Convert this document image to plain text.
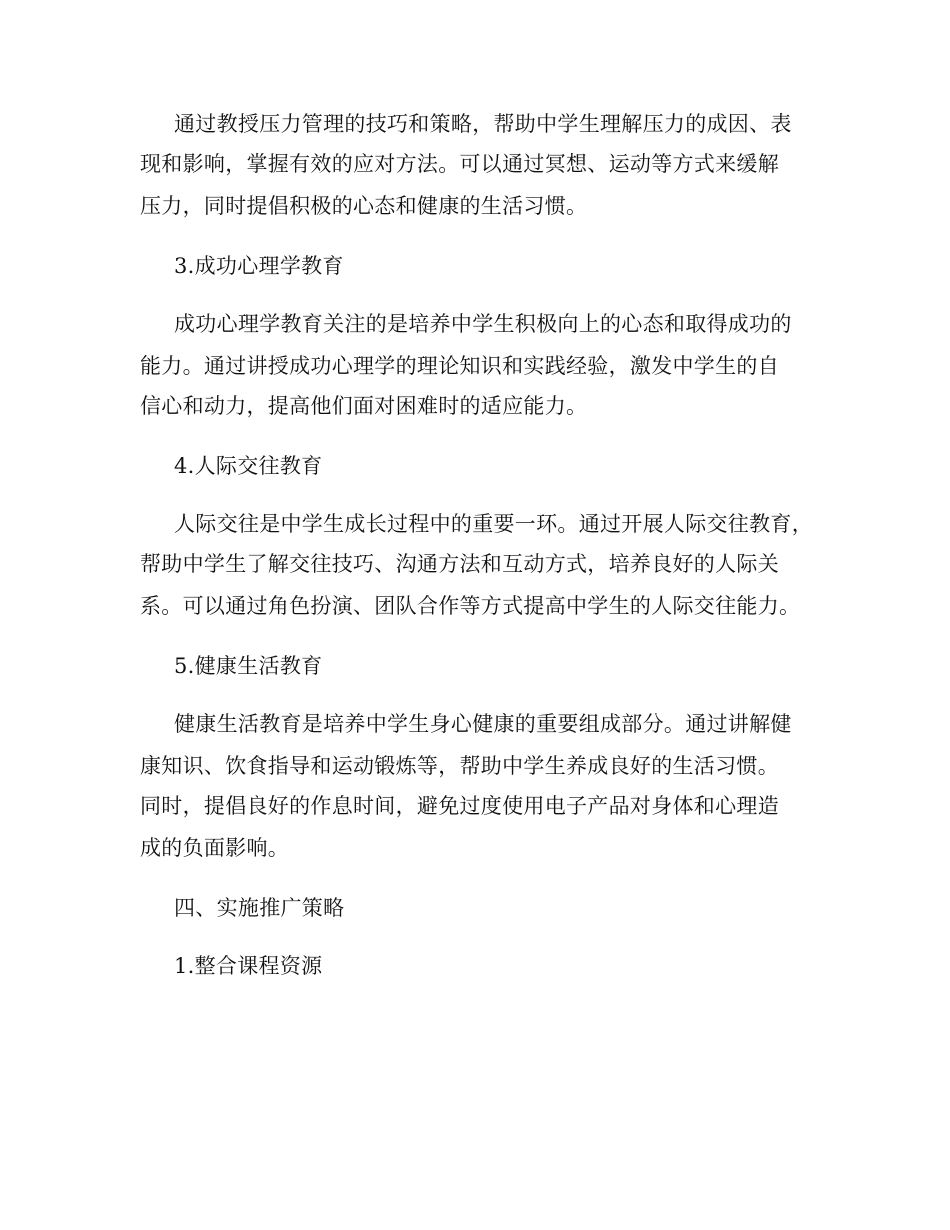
通过教授压力管理的技巧和策略，帮助中学生理解压力的成因、表
现和影响，掌握有效的应对方法。可以通过冥想、运动等方式来缓解
压力，同时提倡积极的心态和健康的生活习惯。
3.成功心理学教育
成功心理学教育关注的是培养中学生积极向上的心态和取得成功的
能力。通过讲授成功心理学的理论知识和实践经验，激发中学生的自
信心和动力，提高他们面对困难时的适应能力。
4.人际交往教育
人际交往是中学生成长过程中的重要一环。通过开展人际交往教育，
帮助中学生了解交往技巧、沟通方法和互动方式，培养良好的人际关
系。可以通过角色扮演、团队合作等方式提高中学生的人际交往能力。
5.健康生活教育
健康生活教育是培养中学生身心健康的重要组成部分。通过讲解健
康知识、饮食指导和运动锻炼等，帮助中学生养成良好的生活习惯。
同时，提倡良好的作息时间，避免过度使用电子产品对身体和心理造
成的负面影响。
四、实施推广策略
1.整合课程资源
